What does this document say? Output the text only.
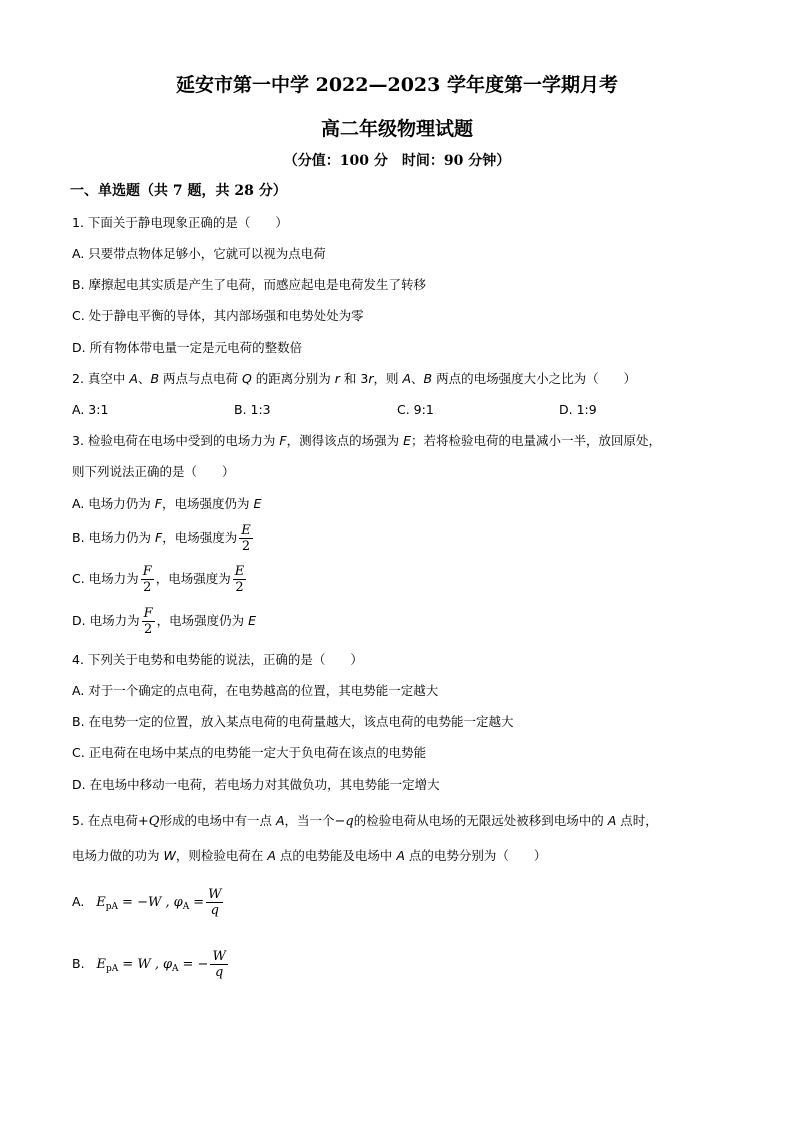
延安市第一中学 2022—2023 学年度第一学期月考
高二年级物理试题
（分值：100 分　时间：90 分钟）
一、单选题（共 7 题，共 28 分）
1. 下面关于静电现象正确的是（　　）
A. 只要带点物体足够小，它就可以视为点电荷
B. 摩擦起电其实质是产生了电荷，而感应起电是电荷发生了转移
C. 处于静电平衡的导体，其内部场强和电势处处为零
D. 所有物体带电量一定是元电荷的整数倍
2. 真空中 A、B 两点与点电荷 Q 的距离分别为 r 和 3r，则 A、B 两点的电场强度大小之比为（　　）
A. 3:1	B. 1:3	C. 9:1	D. 1:9
3. 检验电荷在电场中受到的电场力为 F，测得该点的场强为 E；若将检验电荷的电量减小一半，放回原处，
则下列说法正确的是（　　）
A. 电场力仍为 F，电场强度仍为 E
B. 电场力仍为 F，电场强度为 $\frac{E}{2}$
C. 电场力为 $\frac{F}{2}$ ，电场强度为 $\frac{E}{2}$
D. 电场力为 $\frac{F}{2}$ ，电场强度仍为 E
4. 下列关于电势和电势能的说法，正确的是（　　）
A. 对于一个确定的点电荷，在电势越高的位置，其电势能一定越大
B. 在电势一定的位置，放入某点电荷的电荷量越大，该点电荷的电势能一定越大
C. 正电荷在电场中某点的电势能一定大于负电荷在该点的电势能
D. 在电场中移动一电荷，若电场力对其做负功，其电势能一定增大
5. 在点电荷+Q形成的电场中有一点 A，当一个−q的检验电荷从电场的无限远处被移到电场中的 A 点时，
电场力做的功为 W，则检验电荷在 A 点的电势能及电场中 A 点的电势分别为（　　）
A. $E_{pA} = -W$ , $\varphi_A = \frac{W}{q}$
B. $E_{pA} = W$ , $\varphi_A$ = − $\frac{W}{q}$
